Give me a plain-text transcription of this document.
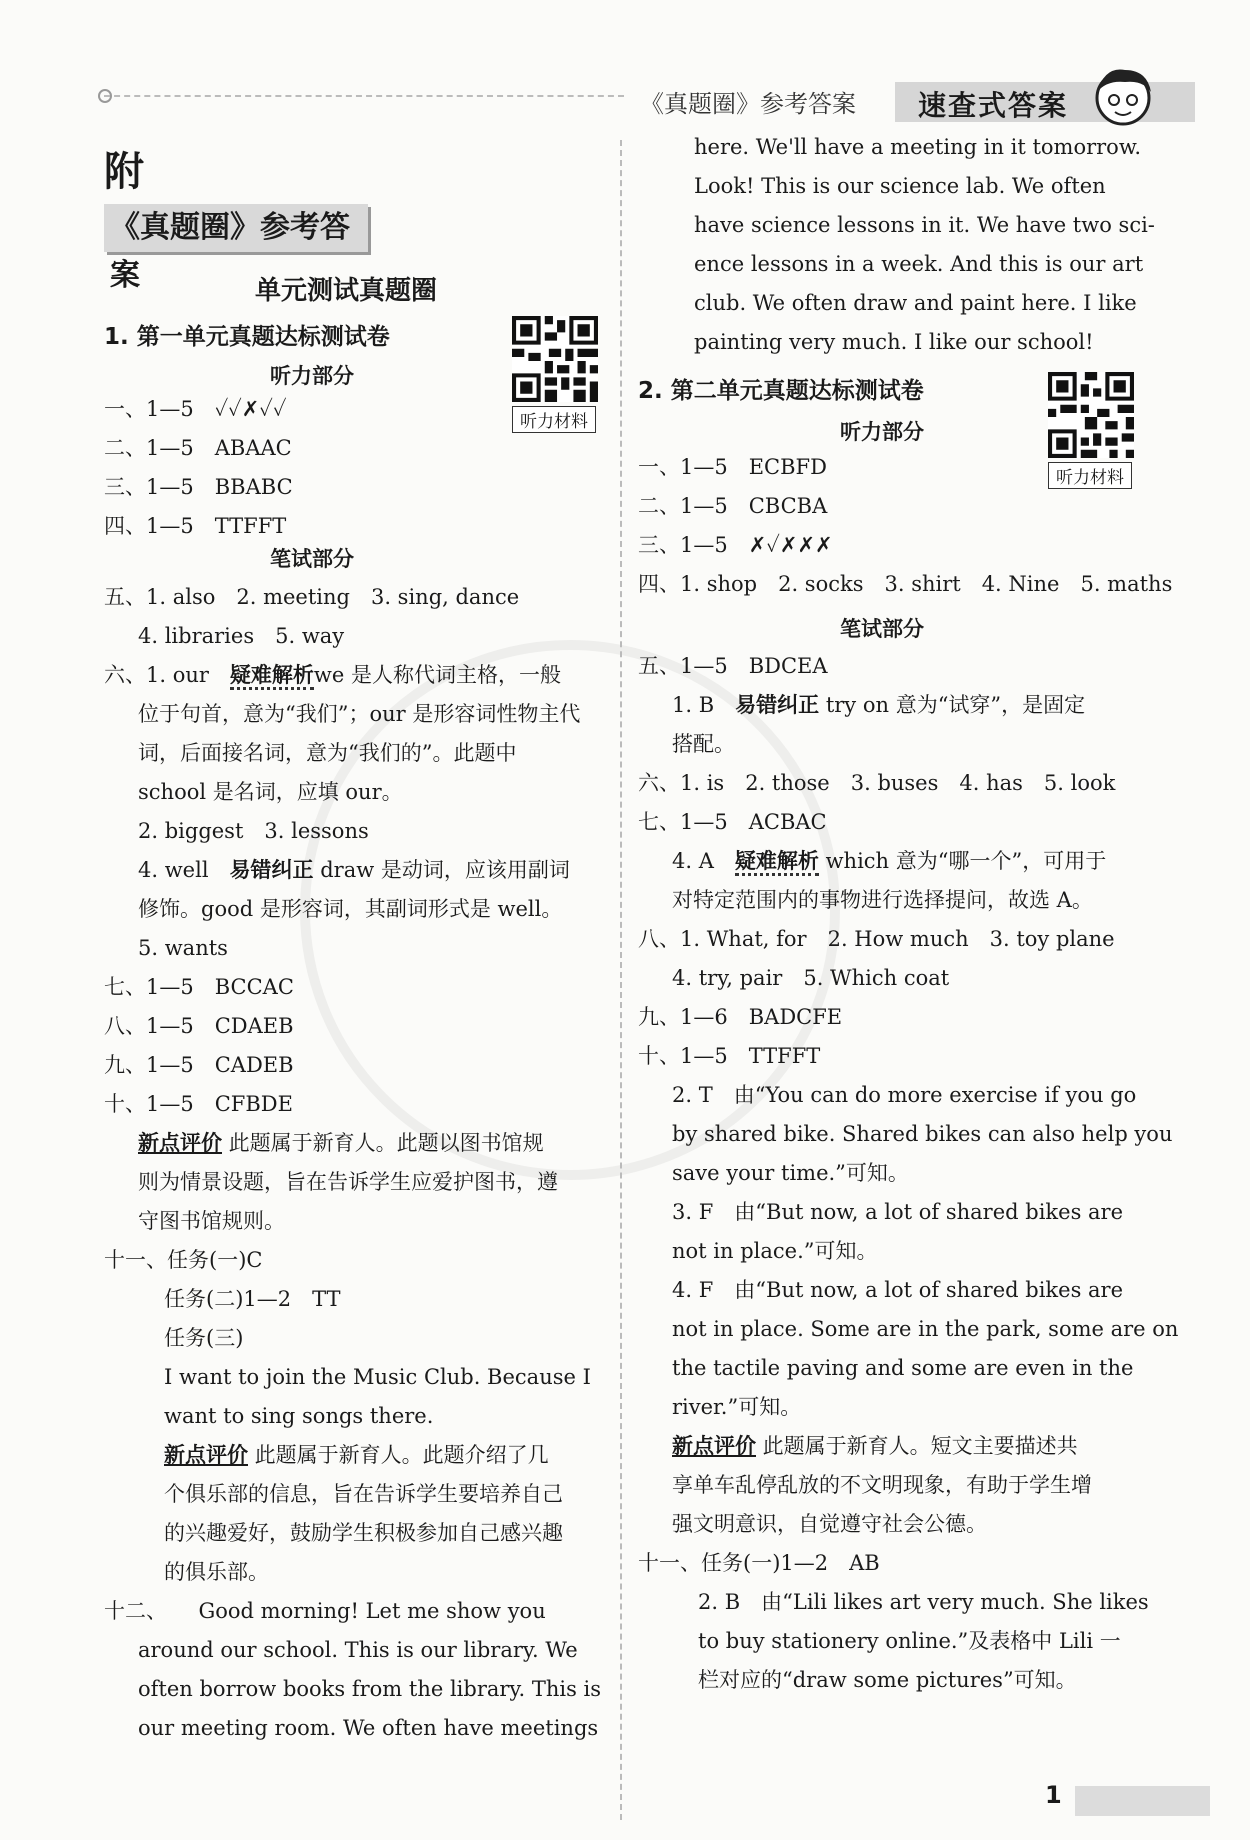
《真题圈》参考答案 速查式答案
附
《真题圈》参考答案	单元测试真题圈
1. 第一单元真题达标测试卷
听力材料
听力部分

一、1—5　✓✓✗✓✓

二、1—5　ABAAC

三、1—5　BBABC

四、1—5　TTFFT

笔试部分

五、1. also　2. meeting　3. sing, dance

4. libraries　5. way

六、1. our　疑难解析we 是人称代词主格，一般

位于句首，意为“我们”；our 是形容词性物主代

词，后面接名词，意为“我们的”。此题中

school 是名词，应填 our。

2. biggest　3. lessons

4. well　易错纠正 draw 是动词，应该用副词

修饰。good 是形容词，其副词形式是 well。

5. wants

七、1—5　BCCAC

八、1—5　CDAEB

九、1—5　CADEB

十、1—5　CFBDE

新点评价 此题属于新育人。此题以图书馆规

则为情景设题，旨在告诉学生应爱护图书，遵

守图书馆规则。

十一、任务(一)C

任务(二)1—2　TT

任务(三)

I want to join the Music Club. Because I

want to sing songs there.

新点评价 此题属于新育人。此题介绍了几

个俱乐部的信息，旨在告诉学生要培养自己

的兴趣爱好，鼓励学生积极参加自己感兴趣

的俱乐部。

十二、　　Good morning! Let me show you

around our school. This is our library. We

often borrow books from the library. This is

our meeting room. We often have meetings

here. We'll have a meeting in it tomorrow.

Look! This is our science lab. We often

have science lessons in it. We have two sci-

ence lessons in a week. And this is our art

club. We often draw and paint here. I like

painting very much. I like our school!

2. 第二单元真题达标测试卷
听力材料
听力部分

一、1—5　ECBFD

二、1—5　CBCBA

三、1—5　✗✓✗✗✗

四、1. shop　2. socks　3. shirt　4. Nine　5. maths

笔试部分

五、1—5　BDCEA

1. B　易错纠正 try on 意为“试穿”，是固定

搭配。

六、1. is　2. those　3. buses　4. has　5. look

七、1—5　ACBAC

4. A　疑难解析 which 意为“哪一个”，可用于

对特定范围内的事物进行选择提问，故选 A。

八、1. What, for　2. How much　3. toy plane

4. try, pair　5. Which coat

九、1—6　BADCFE

十、1—5　TTFFT

2. T　由“You can do more exercise if you go

by shared bike. Shared bikes can also help you

save your time.”可知。

3. F　由“But now, a lot of shared bikes are

not in place.”可知。

4. F　由“But now, a lot of shared bikes are

not in place. Some are in the park, some are on

the tactile paving and some are even in the

river.”可知。

新点评价 此题属于新育人。短文主要描述共

享单车乱停乱放的不文明现象，有助于学生增

强文明意识，自觉遵守社会公德。

十一、任务(一)1—2　AB

2. B　由“Lili likes art very much. She likes

to buy stationery online.”及表格中 Lili 一

栏对应的“draw some pictures”可知。

1
